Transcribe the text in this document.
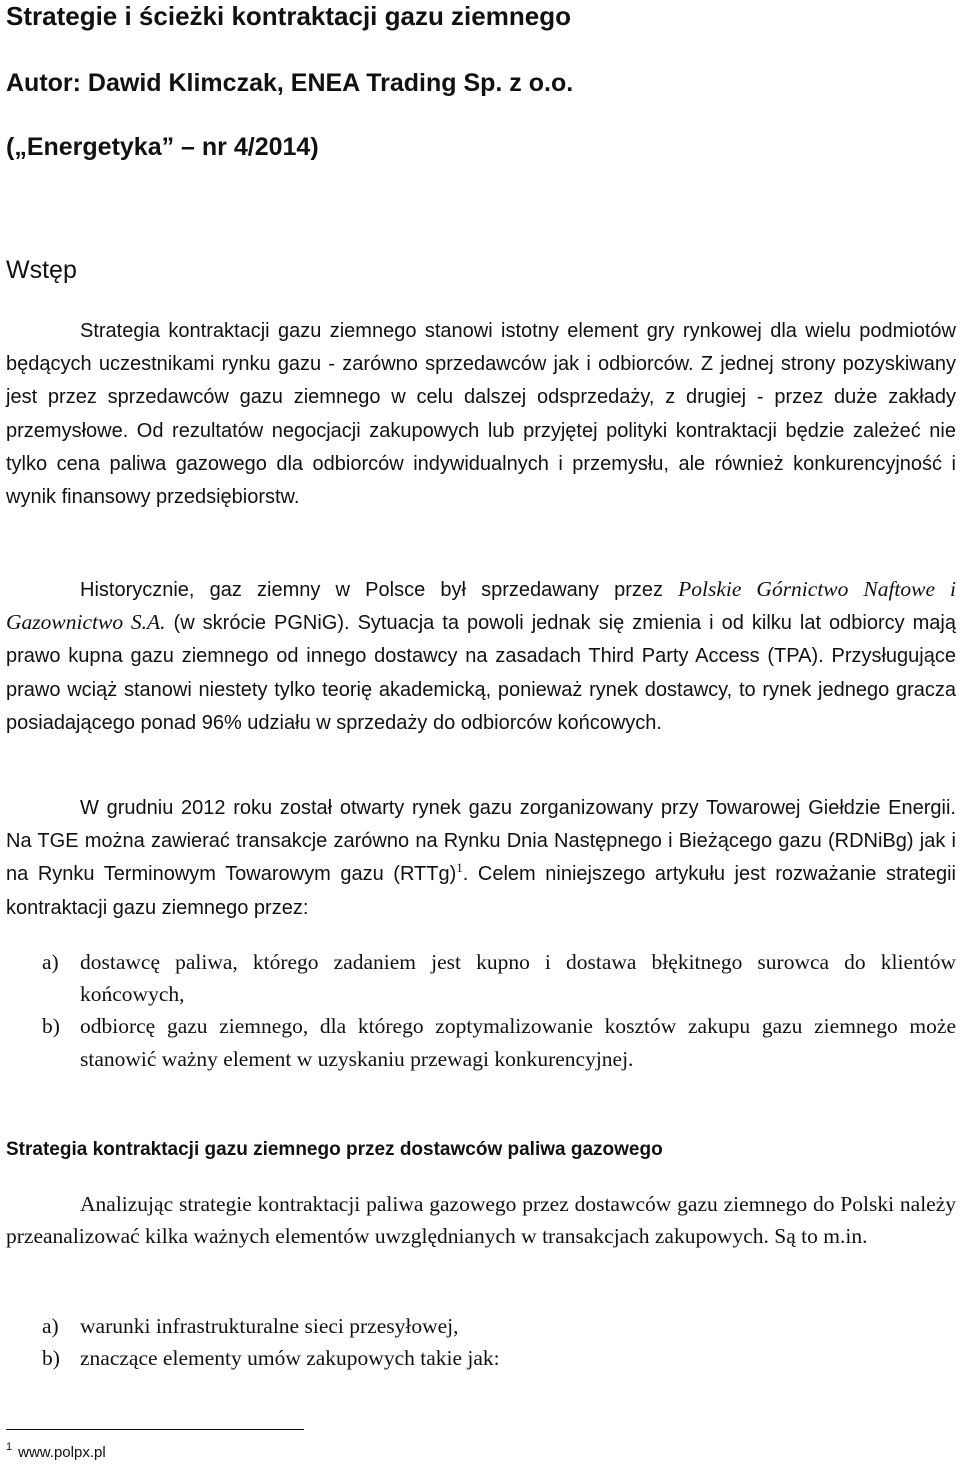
Strategie i ścieżki kontraktacji gazu ziemnego
Autor: Dawid Klimczak, ENEA Trading Sp. z o.o.
(„Energetyka” – nr 4/2014)
Wstęp

Strategia kontraktacji gazu ziemnego stanowi istotny element gry rynkowej dla wielu podmiotów będących uczestnikami rynku gazu - zarówno sprzedawców jak i odbiorców. Z jednej strony pozyskiwany jest przez sprzedawców gazu ziemnego w celu dalszej odsprzedaży, z drugiej - przez duże zakłady przemysłowe. Od rezultatów negocjacji zakupowych lub przyjętej polityki kontraktacji będzie zależeć nie tylko cena paliwa gazowego dla odbiorców indywidualnych i przemysłu, ale również konkurencyjność i wynik finansowy przedsiębiorstw.

Historycznie, gaz ziemny w Polsce był sprzedawany przez Polskie Górnictwo Naftowe i Gazownictwo S.A. (w skrócie PGNiG). Sytuacja ta powoli jednak się zmienia i od kilku lat odbiorcy mają prawo kupna gazu ziemnego od innego dostawcy na zasadach Third Party Access (TPA). Przysługujące prawo wciąż stanowi niestety tylko teorię akademicką, ponieważ rynek dostawcy, to rynek jednego gracza posiadającego ponad 96% udziału w sprzedaży do odbiorców końcowych.

W grudniu 2012 roku został otwarty rynek gazu zorganizowany przy Towarowej Giełdzie Energii. Na TGE można zawierać transakcje zarówno na Rynku Dnia Następnego i Bieżącego gazu (RDNiBg) jak i na Rynku Terminowym Towarowym gazu (RTTg)$^1$. Celem niniejszego artykułu jest rozważanie strategii kontraktacji gazu ziemnego przez:

a) dostawcę paliwa, którego zadaniem jest kupno i dostawa błękitnego surowca do klientów końcowych,
b) odbiorcę gazu ziemnego, dla którego zoptymalizowanie kosztów zakupu gazu ziemnego może stanowić ważny element w uzyskaniu przewagi konkurencyjnej.
Strategia kontraktacji gazu ziemnego przez dostawców paliwa gazowego

Analizując strategie kontraktacji paliwa gazowego przez dostawców gazu ziemnego do Polski należy przeanalizować kilka ważnych elementów uwzględnianych w transakcjach zakupowych. Są to m.in.

a) warunki infrastrukturalne sieci przesyłowej,
b) znaczące elementy umów zakupowych takie jak:
$^1$ www.polpx.pl
